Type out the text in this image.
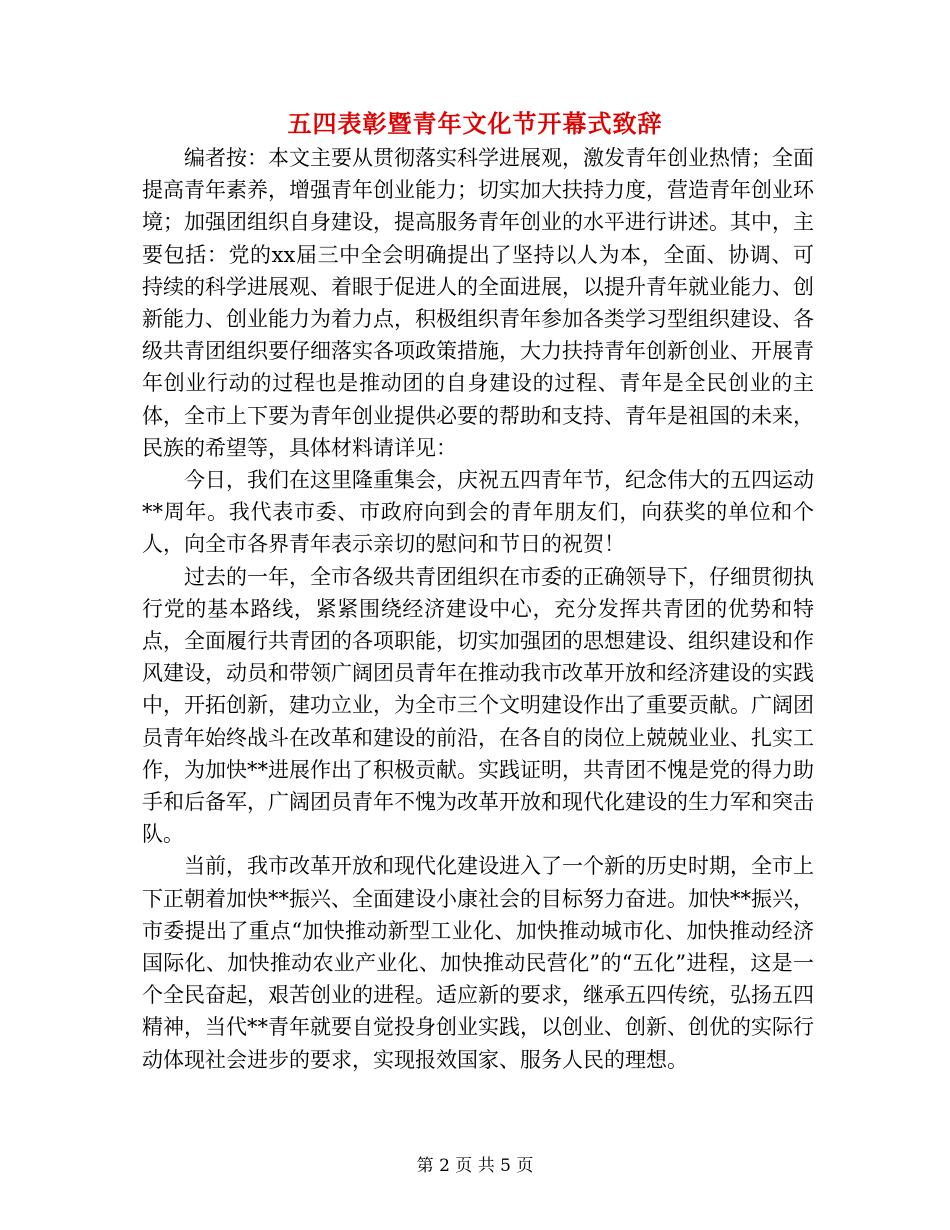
五四表彰暨青年文化节开幕式致辞

编者按：本文主要从贯彻落实科学进展观，激发青年创业热情；全面提高青年素养，增强青年创业能力；切实加大扶持力度，营造青年创业环境；加强团组织自身建设，提高服务青年创业的水平进行讲述。其中，主要包括：党的xx届三中全会明确提出了坚持以人为本，全面、协调、可持续的科学进展观、着眼于促进人的全面进展，以提升青年就业能力、创新能力、创业能力为着力点，积极组织青年参加各类学习型组织建设、各级共青团组织要仔细落实各项政策措施，大力扶持青年创新创业、开展青年创业行动的过程也是推动团的自身建设的过程、青年是全民创业的主体，全市上下要为青年创业提供必要的帮助和支持、青年是祖国的未来，民族的希望等，具体材料请详见：

今日，我们在这里隆重集会，庆祝五四青年节，纪念伟大的五四运动**周年。我代表市委、市政府向到会的青年朋友们，向获奖的单位和个人，向全市各界青年表示亲切的慰问和节日的祝贺！

过去的一年，全市各级共青团组织在市委的正确领导下，仔细贯彻执行党的基本路线，紧紧围绕经济建设中心，充分发挥共青团的优势和特点，全面履行共青团的各项职能，切实加强团的思想建设、组织建设和作风建设，动员和带领广阔团员青年在推动我市改革开放和经济建设的实践中，开拓创新，建功立业，为全市三个文明建设作出了重要贡献。广阔团员青年始终战斗在改革和建设的前沿，在各自的岗位上兢兢业业、扎实工作，为加快**进展作出了积极贡献。实践证明，共青团不愧是党的得力助手和后备军，广阔团员青年不愧为改革开放和现代化建设的生力军和突击队。

当前，我市改革开放和现代化建设进入了一个新的历史时期，全市上下正朝着加快**振兴、全面建设小康社会的目标努力奋进。加快**振兴，市委提出了重点“加快推动新型工业化、加快推动城市化、加快推动经济国际化、加快推动农业产业化、加快推动民营化”的“五化”进程，这是一个全民奋起，艰苦创业的进程。适应新的要求，继承五四传统，弘扬五四精神，当代**青年就要自觉投身创业实践，以创业、创新、创优的实际行动体现社会进步的要求，实现报效国家、服务人民的理想。

第 2 页 共 5 页
